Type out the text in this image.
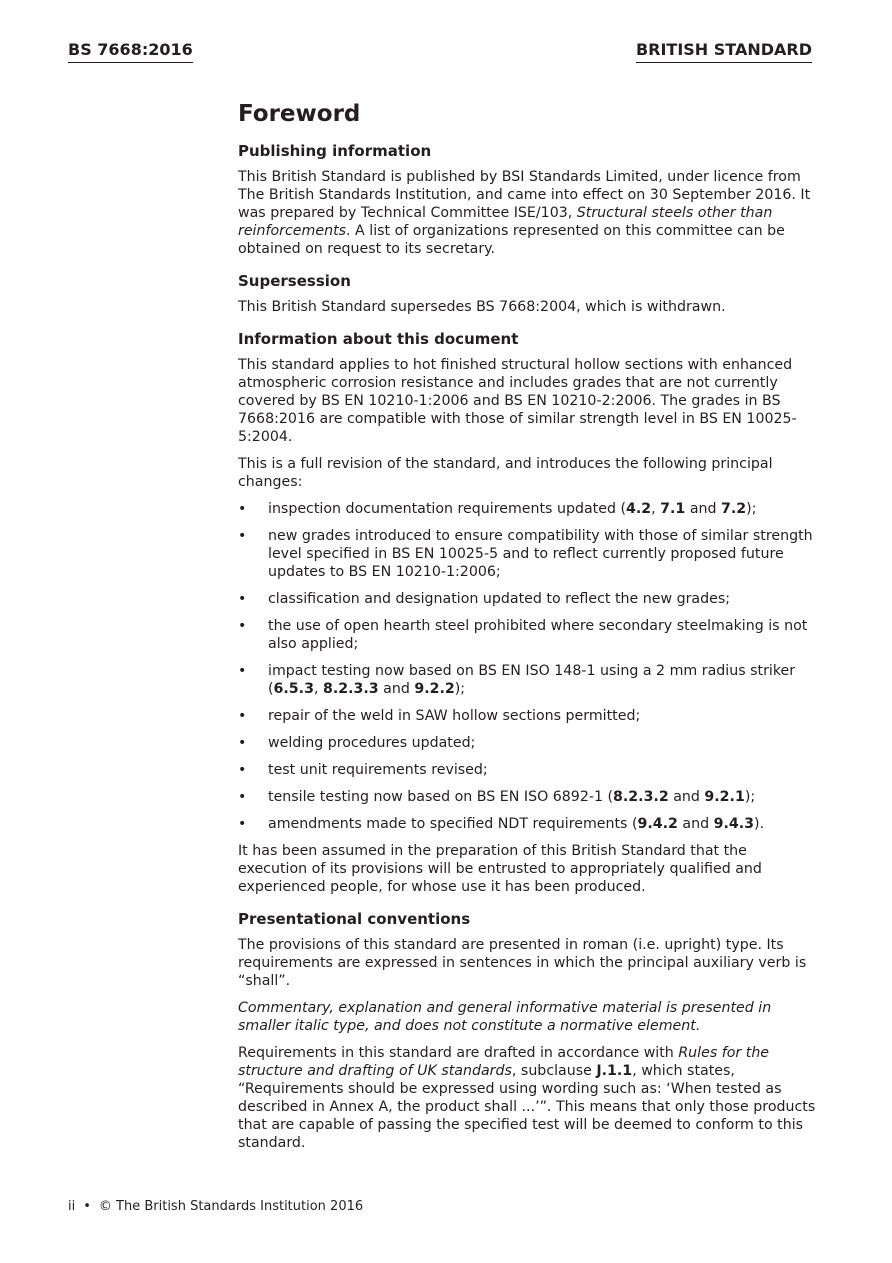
BS 7668:2016	BRITISH STANDARD
Foreword
Publishing information

This British Standard is published by BSI Standards Limited, under licence from The British Standards Institution, and came into effect on 30 September 2016. It was prepared by Technical Committee ISE/103, Structural steels other than reinforcements. A list of organizations represented on this committee can be obtained on request to its secretary.

Supersession

This British Standard supersedes BS 7668:2004, which is withdrawn.

Information about this document

This standard applies to hot finished structural hollow sections with enhanced atmospheric corrosion resistance and includes grades that are not currently covered by BS EN 10210-1:2006 and BS EN 10210-2:2006. The grades in BS 7668:2016 are compatible with those of similar strength level in BS EN 10025-5:2004.

This is a full revision of the standard, and introduces the following principal changes:

• inspection documentation requirements updated (4.2, 7.1 and 7.2);
• new grades introduced to ensure compatibility with those of similar strength level specified in BS EN 10025-5 and to reflect currently proposed future updates to BS EN 10210-1:2006;
• classification and designation updated to reflect the new grades;
• the use of open hearth steel prohibited where secondary steelmaking is not also applied;
• impact testing now based on BS EN ISO 148-1 using a 2 mm radius striker (6.5.3, 8.2.3.3 and 9.2.2);
• repair of the weld in SAW hollow sections permitted;
• welding procedures updated;
• test unit requirements revised;
• tensile testing now based on BS EN ISO 6892-1 (8.2.3.2 and 9.2.1);
• amendments made to specified NDT requirements (9.4.2 and 9.4.3).

It has been assumed in the preparation of this British Standard that the execution of its provisions will be entrusted to appropriately qualified and experienced people, for whose use it has been produced.

Presentational conventions

The provisions of this standard are presented in roman (i.e. upright) type. Its requirements are expressed in sentences in which the principal auxiliary verb is “shall”.

Commentary, explanation and general informative material is presented in smaller italic type, and does not constitute a normative element.

Requirements in this standard are drafted in accordance with Rules for the structure and drafting of UK standards, subclause J.1.1, which states, “Requirements should be expressed using wording such as: ‘When tested as described in Annex A, the product shall ...’”. This means that only those products that are capable of passing the specified test will be deemed to conform to this standard.

ii • © The British Standards Institution 2016
